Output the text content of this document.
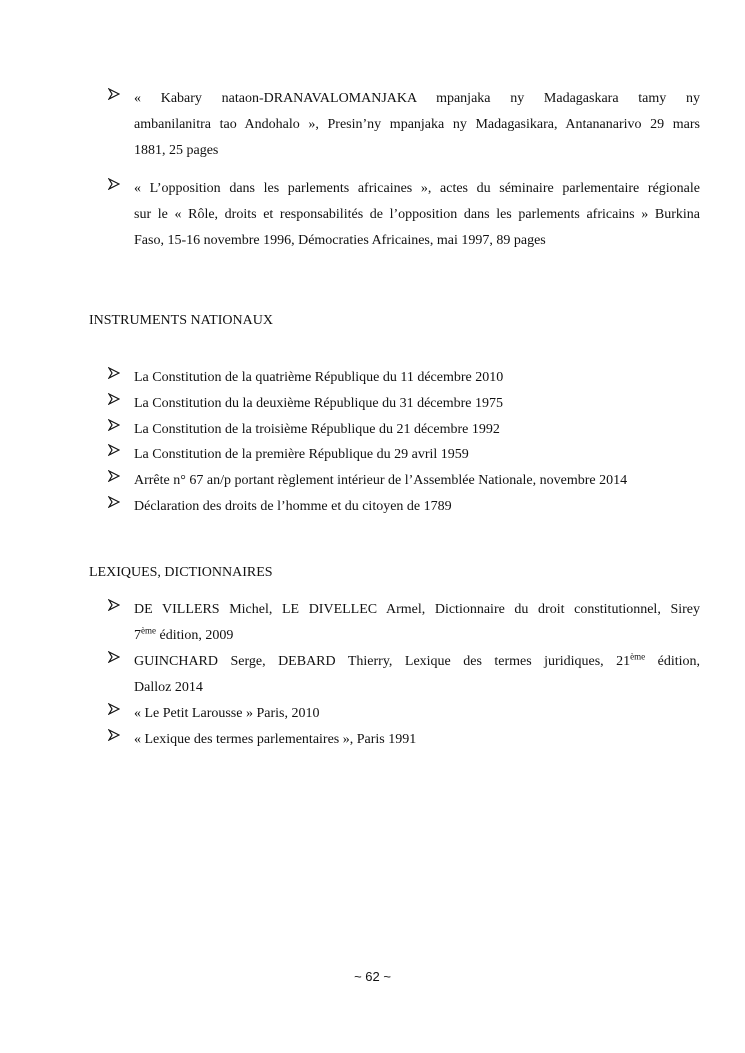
« Kabary nataon-DRANAVALOMANJAKA mpanjaka ny Madagaskara tamy ny
ambanilanitra tao Andohalo », Presin’ny mpanjaka ny Madagasikara, Antananarivo 29 mars
1881, 25 pages
« L’opposition dans les parlements africaines », actes du séminaire parlementaire régionale
sur le « Rôle, droits et responsabilités de l’opposition dans les parlements africains » Burkina
Faso, 15-16 novembre 1996, Démocraties Africaines, mai 1997, 89 pages
INSTRUMENTS NATIONAUX
La Constitution de la quatrième République du 11 décembre 2010
La Constitution du la deuxième République du 31 décembre 1975
La Constitution de la troisième République du 21 décembre 1992
La Constitution de la première République du 29 avril 1959
Arrête n° 67 an/p portant règlement intérieur de l’Assemblée Nationale, novembre 2014
Déclaration des droits de l’homme et du citoyen de 1789
LEXIQUES, DICTIONNAIRES
DE VILLERS Michel, LE DIVELLEC Armel, Dictionnaire du droit constitutionnel, Sirey
7ème édition, 2009
GUINCHARD Serge, DEBARD Thierry, Lexique des termes juridiques, 21ème édition,
Dalloz 2014
« Le Petit Larousse » Paris, 2010
« Lexique des termes parlementaires », Paris 1991
~ 62 ~
